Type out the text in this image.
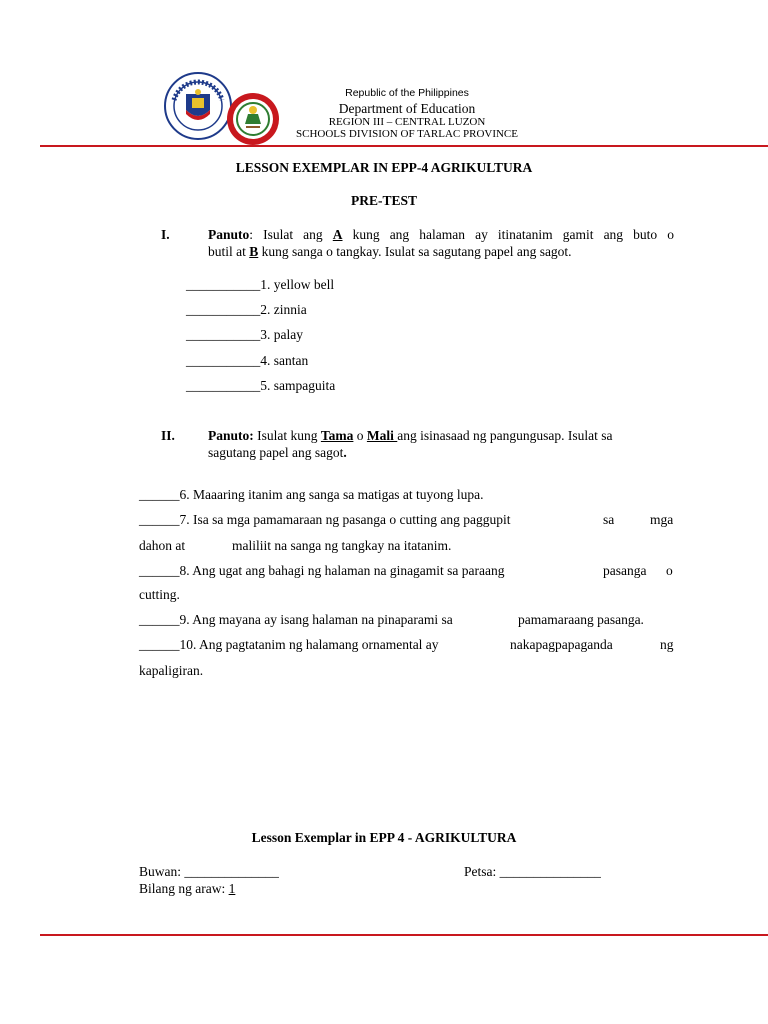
Republic of the Philippines
Department of Education
REGION III – CENTRAL LUZON
SCHOOLS DIVISION OF TARLAC PROVINCE
LESSON EXEMPLAR IN EPP-4 AGRIKULTURA
PRE-TEST
I.	Panuto: Isulat ang A kung ang halaman ay itinatanim gamit ang buto o
butil at B kung sanga o tangkay. Isulat sa sagutang papel ang sagot.
___________1. yellow bell
___________2. zinnia
___________3. palay
___________4. santan
___________5. sampaguita
II. Panuto: Isulat kung Tama o Mali ang isinasaad ng pangungusap. Isulat sa
sagutang papel ang sagot.
______6. Maaaring itanim ang sanga sa matigas at tuyong lupa.
______7. Isa sa mga pamamaraan ng pasanga o cutting ang paggupit	sa	mga
dahon at	maliliit na sanga ng tangkay na itatanim.
______8. Ang ugat ang bahagi ng halaman na ginagamit sa paraang	pasanga o
cutting.
______9. Ang mayana ay isang halaman na pinaparami sa	pamamaraang pasanga.
______10. Ang pagtatanim ng halamang ornamental ay	nakapagpapaganda	ng
kapaligiran.
Lesson Exemplar in EPP 4 - AGRIKULTURA
Buwan: ______________	Petsa: _______________
Bilang ng araw: 1
